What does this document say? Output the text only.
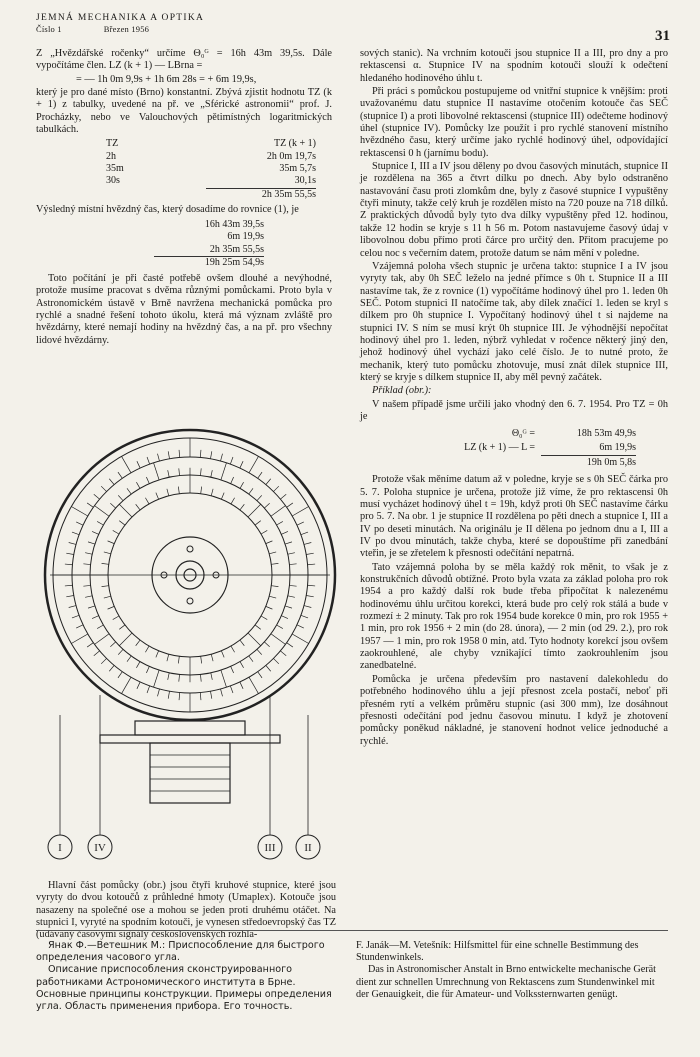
JEMNÁ MECHANIKA A OPTIKA
Číslo 1	Březen 1956	31

Z „Hvězdářské ročenky“ určíme Θ₀ᴳ = 16h 43m 39,5s. Dále vypočítáme člen. LZ (k + 1) — LBrna =

= — 1h 0m 9,9s + 1h 6m 28s = + 6m 19,9s,

který je pro dané místo (Brno) konstantní. Zbývá zjistit hodnotu TZ (k + 1) z tabulky, uvedené na př. ve „Sférické astronomii“ prof. J. Procházky, nebo ve Valouchových pětimístných logaritmických tabulkách.

TZ	TZ (k + 1)
2h	2h 0m 19,7s
35m	35m 5,7s
30s	30,1s
2h 35m 55,5s

Výsledný místní hvězdný čas, který dosadíme do rovnice (1), je

16h 43m 39,5s
6m 19,9s
2h 35m 55,5s
19h 25m 54,9s

Toto počítání je při časté potřebě ovšem dlouhé a nevýhodné, protože musíme pracovat s dvěma různými pomůckami. Proto byla v Astronomickém ústavě v Brně navržena mechanická pomůcka pro rychlé a snadné řešení tohoto úkolu, která má význam zvláště pro hvězdárny, které nemají hodiny na hvězdný čas, a na př. pro všechny lidové hvězdárny.

I	IV	III	II
Hlavní část pomůcky (obr.) jsou čtyři kruhové stupnice, které jsou vyryty do dvou kotoučů z průhledné hmoty (Umaplex). Kotouče jsou nasazeny na společné ose a mohou se jeden proti druhému otáčet. Na stupnici I, vyryté na spodním kotouči, je vynesen středoevropský čas TZ (udávaný časovými signály československých rozhla-

sových stanic). Na vrchním kotouči jsou stupnice II a III, pro dny a pro rektascensi α. Stupnice IV na spodním kotouči slouží k odečtení hledaného hodinového úhlu t.

Při práci s pomůckou postupujeme od vnitřní stupnice k vnějším: proti uvažovanému datu stupnice II nastavíme otočením kotouče čas SEČ (stupnice I) a proti libovolné rektascensi (stupnice III) odečteme hodinový úhel (stupnice IV). Pomůcky lze použít i pro rychlé stanovení místního hvězdného času, který určíme jako rychlé hodinový úhel, odpovídající rektascensi 0 h (jarnímu bodu).

Stupnice I, III a IV jsou děleny po dvou časových minutách, stupnice II je rozdělena na 365 a čtvrt dílku po dnech. Aby bylo odstraněno nastavování času proti zlomkům dne, byly z časové stupnice I vypuštěny čtyři minuty, takže celý kruh je rozdělen místo na 720 pouze na 718 dílků. Z praktických důvodů byly tyto dva dílky vypuštěny před 12. hodinou, takže 12 hodin se kryje s 11 h 56 m. Potom nastavujeme časový údaj v libovolnou dobu přímo proti čárce pro určitý den. Přitom pracujeme po celou noc s večerním datem, protože datum se nám mění v poledne.

Vzájemná poloha všech stupnic je určena takto: stupnice I a IV jsou vyryty tak, aby 0h SEČ leželo na jedné přímce s 0h t. Stupnice II a III nastavíme tak, že z rovnice (1) vypočítáme hodinový úhel pro 1. leden 0h SEČ. Potom stupnici II natočíme tak, aby dílek značící 1. leden se kryl s dílkem pro 0h stupnice I. Vypočítaný hodinový úhel t si najdeme na stupnici IV. S ním se musí krýt 0h stupnice III. Je výhodnější nepočítat hodinový úhel pro 1. leden, nýbrž vyhledat v ročence některý jiný den, jehož hodinový úhel vychází jako celé číslo. Je to nutné proto, že mechanik, který tuto pomůcku zhotovuje, musí znát dílek stupnice III, který se kryje s dílkem stupnice II, aby měl pevný začátek.

Příklad (obr.):

V našem případě jsme určili jako vhodný den 6. 7. 1954. Pro TZ = 0h je

Θ₀ᴳ =	18h 53m 49,9s
LZ (k + 1) — L =	6m 19,9s
19h 0m 5,8s

Protože však měníme datum až v poledne, kryje se s 0h SEČ čárka pro 5. 7. Poloha stupnice je určena, protože již víme, že pro rektascensi 0h musí vycházet hodinový úhel t = 19h, když proti 0h SEČ nastavíme čárku pro 5. 7. Na obr. 1 je stupnice II rozdělena po pěti dnech a stupnice I, III a IV po deseti minutách. Na originálu je II dělena po jednom dnu a I, III a IV po dvou minutách, takže chyba, které se dopouštíme při zanedbání vteřin, je se zřetelem k přesnosti odečítání nepatrná.

Tato vzájemná poloha by se měla každý rok měnit, to však je z konstrukčních důvodů obtížné. Proto byla vzata za základ poloha pro rok 1954 a pro každý další rok bude třeba připočítat k nalezenému hodinovému úhlu určitou korekci, která bude pro celý rok stálá a bude v rozmezí ± 2 minuty. Tak pro rok 1954 bude korekce 0 min, pro rok 1955 + 1 min, pro rok 1956 + 2 min (do 28. února), — 2 min (od 29. 2.), pro rok 1957 — 1 min, pro rok 1958 0 min, atd. Tyto hodnoty korekcí jsou ovšem zaokrouhlené, ale chyby vznikající tímto zaokrouhlením jsou zanedbatelné.

Pomůcka je určena především pro nastavení dalekohledu do potřebného hodinového úhlu a její přesnost zcela postačí, neboť při přesném rytí a velkém průměru stupnic (asi 300 mm), lze dosáhnout přesnosti odečítání pod jednu časovou minutu. I když je zhotovení pomůcky poněkud nákladné, je stanovení hodnot velice jednoduché a rychlé.

Янак Ф.—Ветешник М.: Приспособление для быстрого определения часового угла.

Описание приспособления сконструированного работниками Астрономического института в Брне. Основные принципы конструкции. Примеры определения угла. Область применения прибора. Его точность.

F. Janák—M. Vetešník: Hilfsmittel für eine schnelle Bestimmung des Stundenwinkels.

Das in Astronomischer Anstalt in Brno entwickelte mechanische Gerät dient zur schnellen Umrechnung von Rektascens zum Stundenwinkel mit der Genauigkeit, die für Amateur- und Volkssternwarten genügt.
